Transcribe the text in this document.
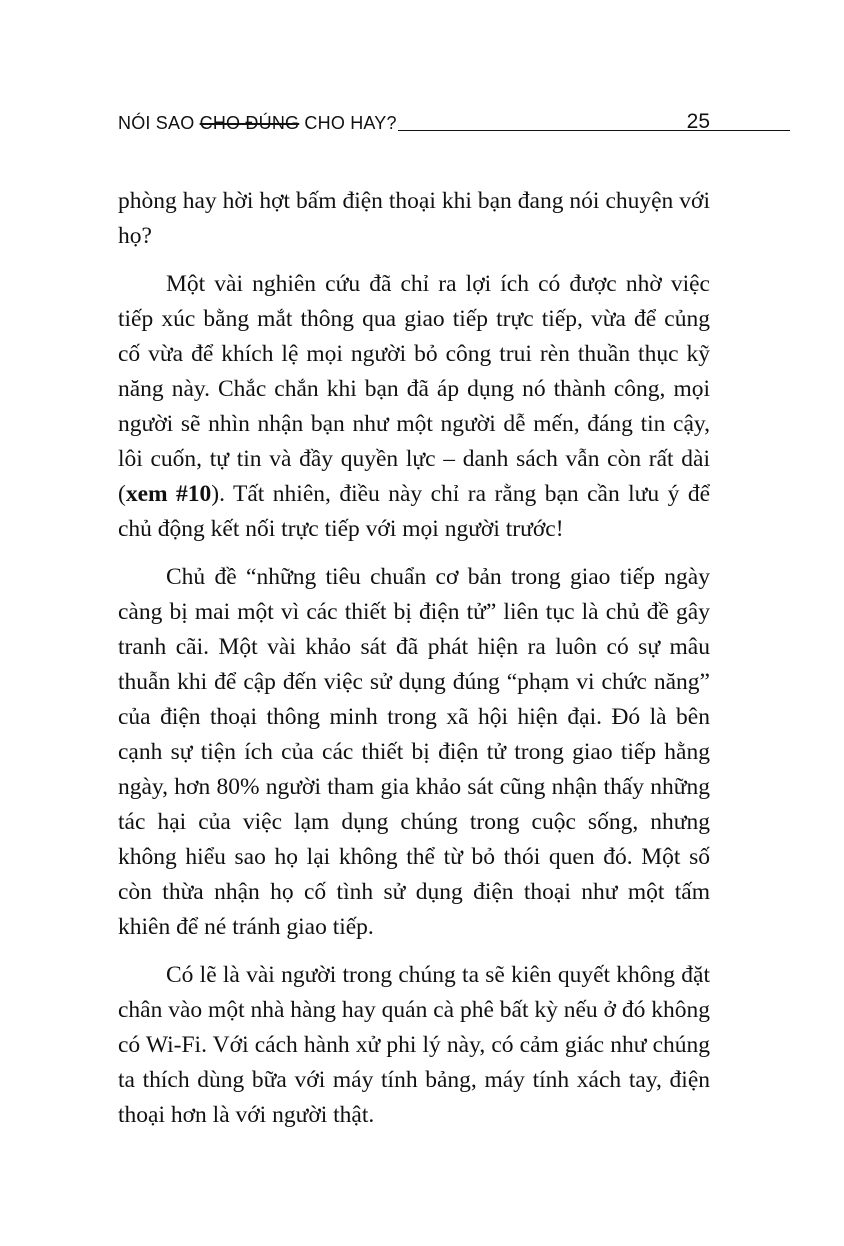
NÓI SAO CHO ĐÚNG CHO HAY?	25

phòng hay hời hợt bấm điện thoại khi bạn đang nói chuyện với họ?

Một vài nghiên cứu đã chỉ ra lợi ích có được nhờ việc tiếp xúc bằng mắt thông qua giao tiếp trực tiếp, vừa để củng cố vừa để khích lệ mọi người bỏ công trui rèn thuần thục kỹ năng này. Chắc chắn khi bạn đã áp dụng nó thành công, mọi người sẽ nhìn nhận bạn như một người dễ mến, đáng tin cậy, lôi cuốn, tự tin và đầy quyền lực – danh sách vẫn còn rất dài (xem #10). Tất nhiên, điều này chỉ ra rằng bạn cần lưu ý để chủ động kết nối trực tiếp với mọi người trước!

Chủ đề “những tiêu chuẩn cơ bản trong giao tiếp ngày càng bị mai một vì các thiết bị điện tử” liên tục là chủ đề gây tranh cãi. Một vài khảo sát đã phát hiện ra luôn có sự mâu thuẫn khi để cập đến việc sử dụng đúng “phạm vi chức năng” của điện thoại thông minh trong xã hội hiện đại. Đó là bên cạnh sự tiện ích của các thiết bị điện tử trong giao tiếp hằng ngày, hơn 80% người tham gia khảo sát cũng nhận thấy những tác hại của việc lạm dụng chúng trong cuộc sống, nhưng không hiểu sao họ lại không thể từ bỏ thói quen đó. Một số còn thừa nhận họ cố tình sử dụng điện thoại như một tấm khiên để né tránh giao tiếp.

Có lẽ là vài người trong chúng ta sẽ kiên quyết không đặt chân vào một nhà hàng hay quán cà phê bất kỳ nếu ở đó không có Wi-Fi. Với cách hành xử phi lý này, có cảm giác như chúng ta thích dùng bữa với máy tính bảng, máy tính xách tay, điện thoại hơn là với người thật.
